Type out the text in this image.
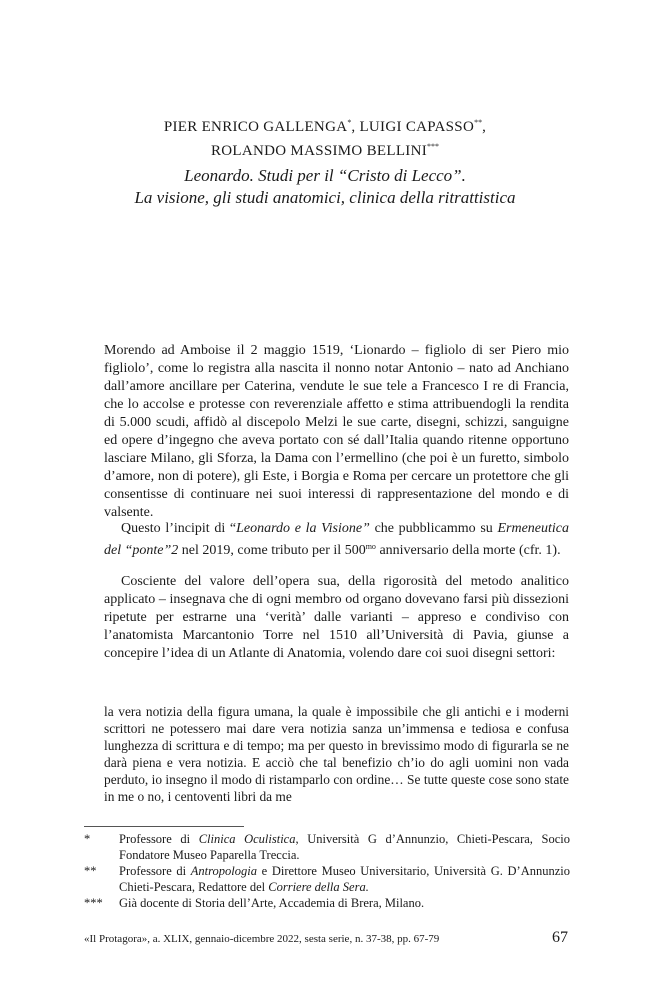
PIER ENRICO GALLENGA*, LUIGI CAPASSO**,
ROLANDO MASSIMO BELLINI***
Leonardo. Studi per il “Cristo di Lecco”.
La visione, gli studi anatomici, clinica della ritrattistica

Morendo ad Amboise il 2 maggio 1519, ‘Lionardo – figliolo di ser Piero mio figliolo’, come lo registra alla nascita il nonno notar Antonio – nato ad Anchiano dall’amore ancillare per Caterina, vendute le sue tele a Francesco I re di Francia, che lo accolse e protesse con reverenziale affetto e stima attribuendogli la rendita di 5.000 scudi, affidò al discepolo Melzi le sue carte, disegni, schizzi, sanguigne ed opere d’ingegno che aveva portato con sé dall’Italia quando ritenne opportuno lasciare Milano, gli Sforza, la Dama con l’ermellino (che poi è un furetto, simbolo d’amore, non di potere), gli Este, i Borgia e Roma per cercare un protettore che gli consentisse di continuare nei suoi interessi di rappresentazione del mondo e di valsente.

Questo l’incipit di “Leonardo e la Visione” che pubblicammo su Ermeneutica del “ponte”2 nel 2019, come tributo per il $500^{mo}$ anniversario della morte (cfr. 1).

Cosciente del valore dell’opera sua, della rigorosità del metodo analitico applicato – insegnava che di ogni membro od organo dovevano farsi più dissezioni ripetute per estrarne una ‘verità’ dalle varianti – appreso e condiviso con l’anatomista Marcantonio Torre nel 1510 all’Università di Pavia, giunse a concepire l’idea di un Atlante di Anatomia, volendo dare coi suoi disegni settori:

la vera notizia della figura umana, la quale è impossibile che gli antichi e i moderni scrittori ne potessero mai dare vera notizia sanza un’immensa e tediosa e confusa lunghezza di scrittura e di tempo; ma per questo in brevissimo modo di figurarla se ne darà piena e vera notizia. E acciò che tal benefizio ch’io do agli uomini non vada perduto, io insegno il modo di ristamparlo con ordine… Se tutte queste cose sono state in me o no, i centoventi libri da me

* Professore di Clinica Oculistica, Università G d’Annunzio, Chieti-Pescara, Socio Fondatore Museo Paparella Treccia.
** Professore di Antropologia e Direttore Museo Universitario, Università G. D’Annunzio Chieti-Pescara, Redattore del Corriere della Sera.
*** Già docente di Storia dell’Arte, Accademia di Brera, Milano.
«Il Protagora», a. XLIX, gennaio-dicembre 2022, sesta serie, n. 37-38, pp. 67-79	67
